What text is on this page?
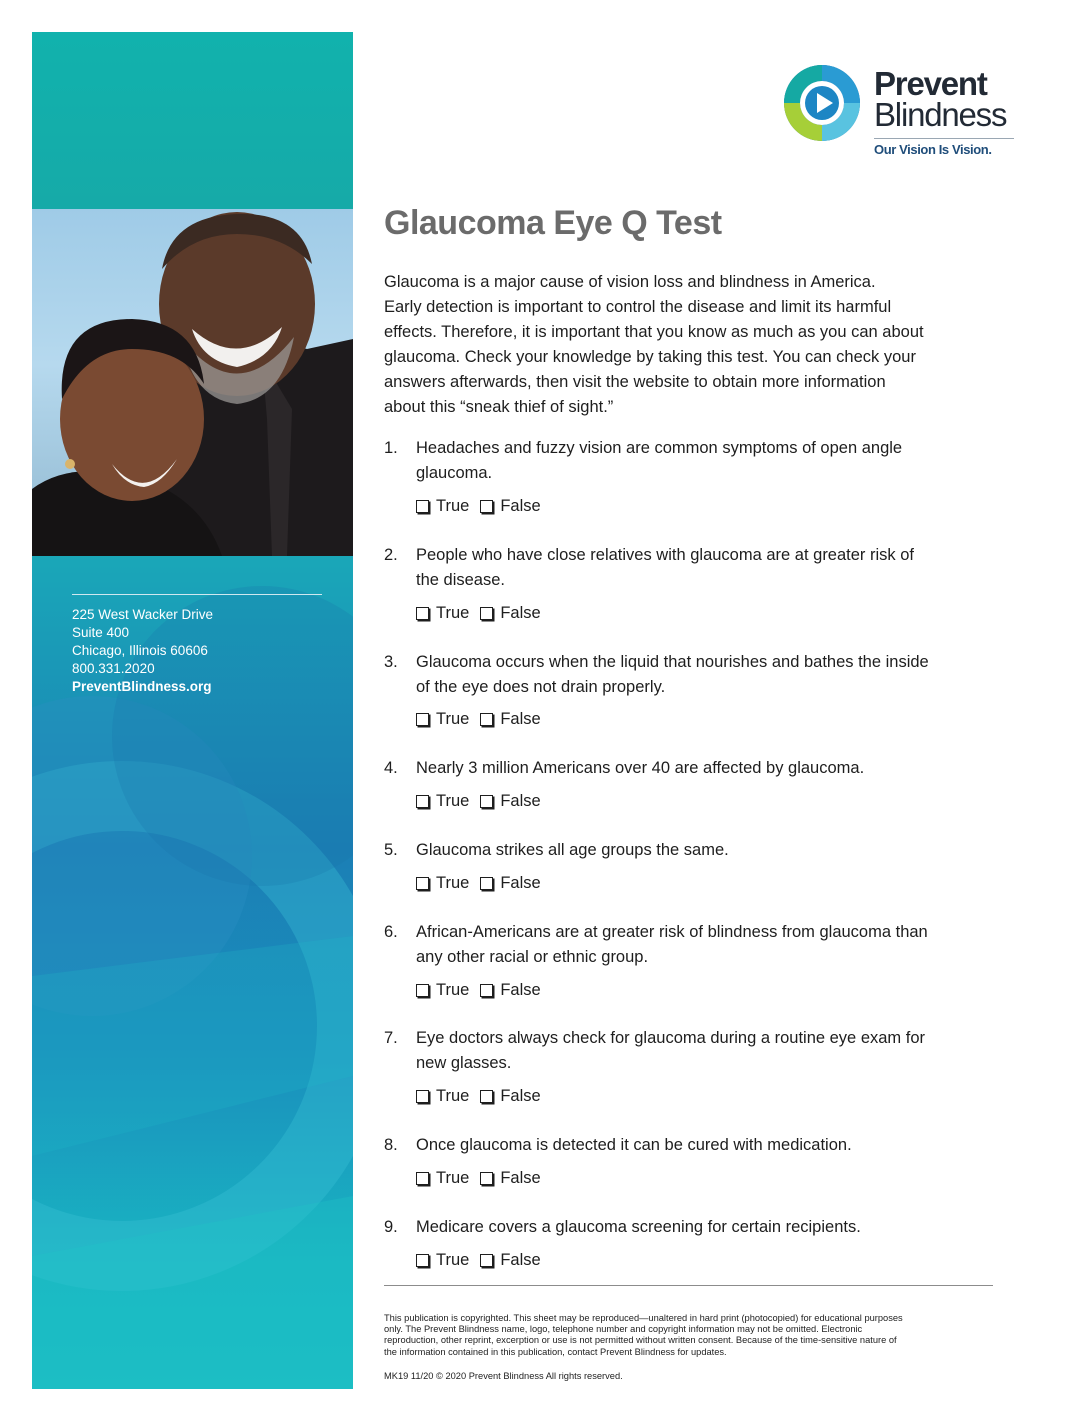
225 West Wacker Drive
Suite 400
Chicago, Illinois 60606
800.331.2020
PreventBlindness.org
Prevent
Blindness
Our Vision Is Vision.
Glaucoma Eye Q Test
Glaucoma is a major cause of vision loss and blindness in America.
Early detection is important to control the disease and limit its harmful
effects. Therefore, it is important that you know as much as you can about
glaucoma. Check your knowledge by taking this test. You can check your
answers afterwards, then visit the website to obtain more information
about this “sneak thief of sight.”
1. Headaches and fuzzy vision are common symptoms of open angle
glaucoma.
True False
2. People who have close relatives with glaucoma are at greater risk of
the disease.
True False
3. Glaucoma occurs when the liquid that nourishes and bathes the inside
of the eye does not drain properly.
True False
4. Nearly 3 million Americans over 40 are affected by glaucoma.
True False
5. Glaucoma strikes all age groups the same.
True False
6. African-Americans are at greater risk of blindness from glaucoma than
any other racial or ethnic group.
True False
7. Eye doctors always check for glaucoma during a routine eye exam for
new glasses.
True False
8. Once glaucoma is detected it can be cured with medication.
True False
9. Medicare covers a glaucoma screening for certain recipients.
True False
This publication is copyrighted. This sheet may be reproduced—unaltered in hard print (photocopied) for educational purposes
only. The Prevent Blindness name, logo, telephone number and copyright information may not be omitted. Electronic
reproduction, other reprint, excerption or use is not permitted without written consent. Because of the time-sensitive nature of
the information contained in this publication, contact Prevent Blindness for updates.
MK19 11/20 © 2020 Prevent Blindness All rights reserved.
